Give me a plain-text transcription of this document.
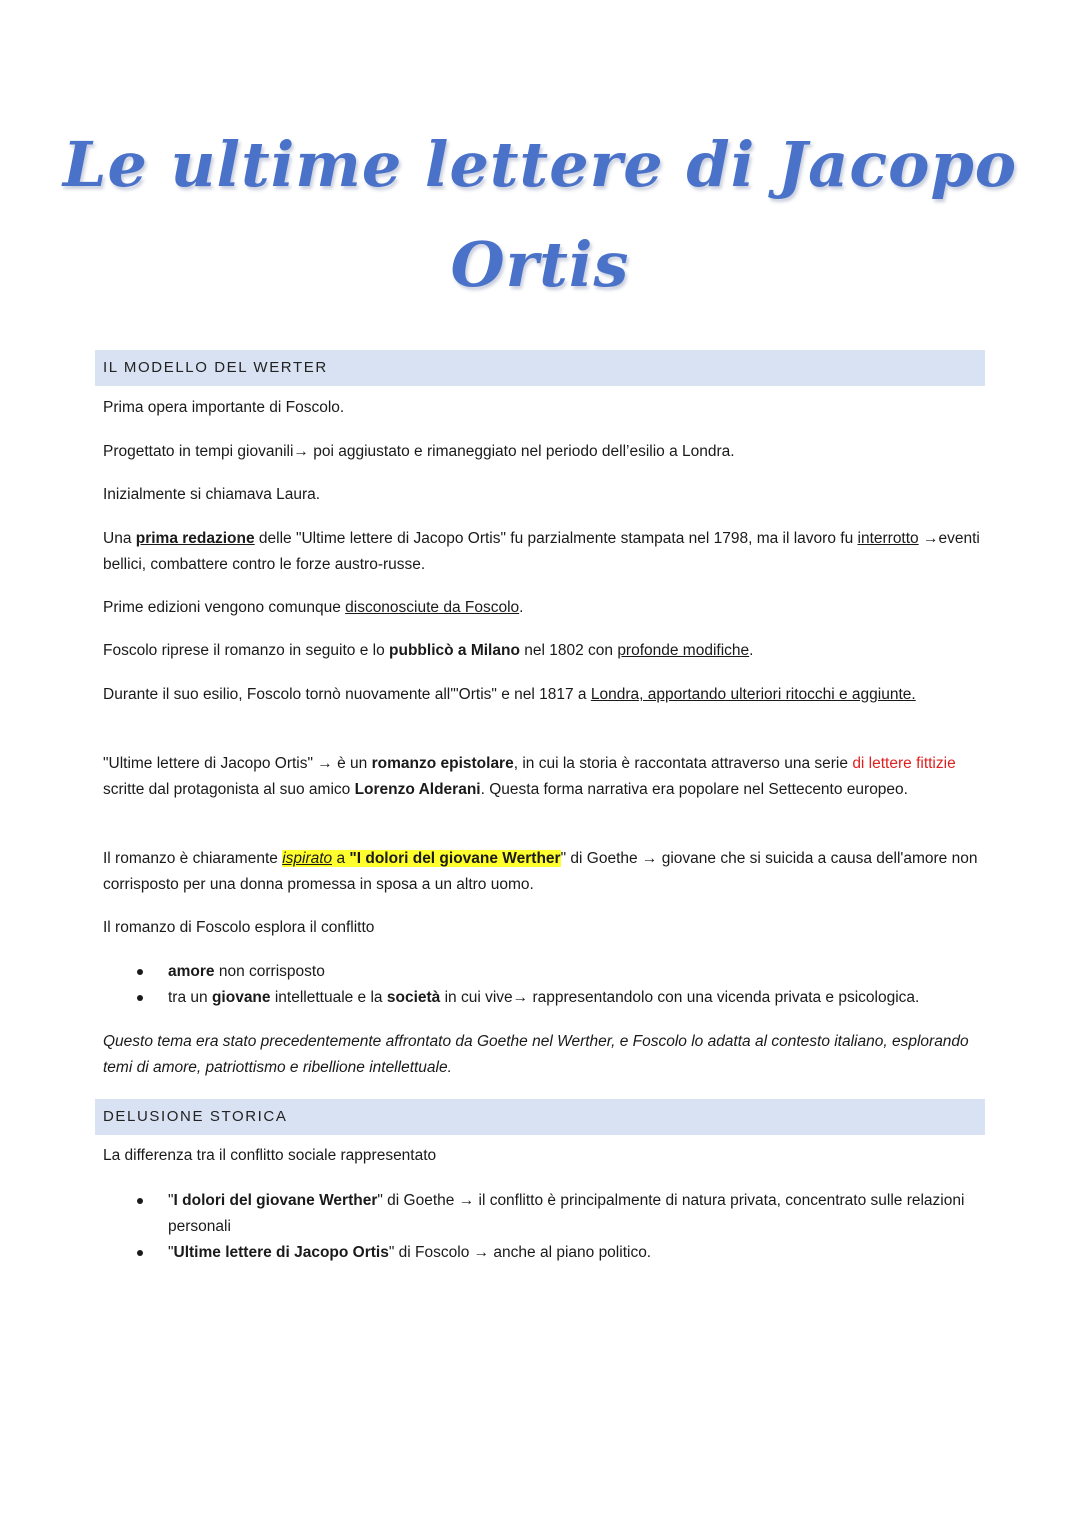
Le ultime lettere di Jacopo
Ortis
IL MODELLO DEL WERTER
Prima opera importante di Foscolo.
Progettato in tempi giovanili→ poi aggiustato e rimaneggiato nel periodo dell’esilio a Londra.
Inizialmente si chiamava Laura.
Una prima redazione delle "Ultime lettere di Jacopo Ortis" fu parzialmente stampata nel 1798, ma il lavoro fu interrotto →eventi bellici, combattere contro le forze austro-russe.
Prime edizioni vengono comunque disconosciute da Foscolo.
Foscolo riprese il romanzo in seguito e lo pubblicò a Milano nel 1802 con profonde modifiche.
Durante il suo esilio, Foscolo tornò nuovamente all'"Ortis" e nel 1817 a Londra, apportando ulteriori ritocchi e aggiunte.
"Ultime lettere di Jacopo Ortis" → è un romanzo epistolare, in cui la storia è raccontata attraverso una serie di lettere fittizie scritte dal protagonista al suo amico Lorenzo Alderani. Questa forma narrativa era popolare nel Settecento europeo.
Il romanzo è chiaramente ispirato a "I dolori del giovane Werther" di Goethe → giovane che si suicida a causa dell'amore non corrisposto per una donna promessa in sposa a un altro uomo.
Il romanzo di Foscolo esplora il conflitto
amore non corrisposto
tra un giovane intellettuale e la società in cui vive→ rappresentandolo con una vicenda privata e psicologica.
Questo tema era stato precedentemente affrontato da Goethe nel Werther, e Foscolo lo adatta al contesto italiano, esplorando temi di amore, patriottismo e ribellione intellettuale.
DELUSIONE STORICA
La differenza tra il conflitto sociale rappresentato
"I dolori del giovane Werther" di Goethe → il conflitto è principalmente di natura privata, concentrato sulle relazioni personali
"Ultime lettere di Jacopo Ortis" di Foscolo → anche al piano politico.
